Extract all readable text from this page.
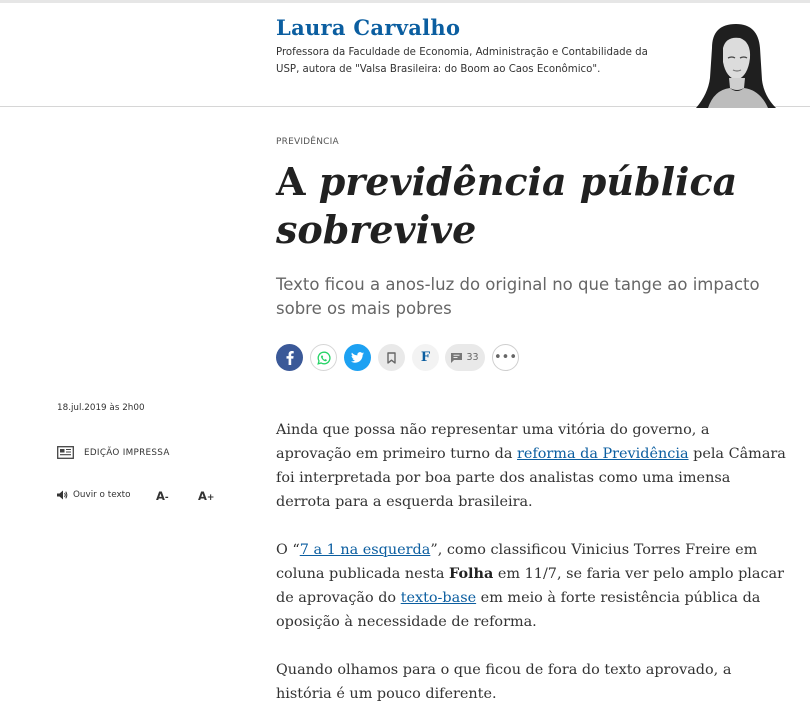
Laura Carvalho

Professora da Faculdade de Economia, Administração e Contabilidade da USP, autora de "Valsa Brasileira: do Boom ao Caos Econômico".

PREVIDÊNCIA
A previdência pública sobrevive

Texto ficou a anos-luz do original no que tange ao impacto sobre os mais pobres

F	33 •••
18.jul.2019 às 2h00
EDIÇÃO IMPRESSA
Ouvir o texto A-	A+

Ainda que possa não representar uma vitória do governo, a aprovação em primeiro turno da reforma da Previdência pela Câmara foi interpretada por boa parte dos analistas como uma imensa derrota para a esquerda brasileira.

O “7 a 1 na esquerda”, como classificou Vinicius Torres Freire em coluna publicada nesta Folha em 11/7, se faria ver pelo amplo placar de aprovação do texto-base em meio à forte resistência pública da oposição à necessidade de reforma.

Quando olhamos para o que ficou de fora do texto aprovado, a história é um pouco diferente.
